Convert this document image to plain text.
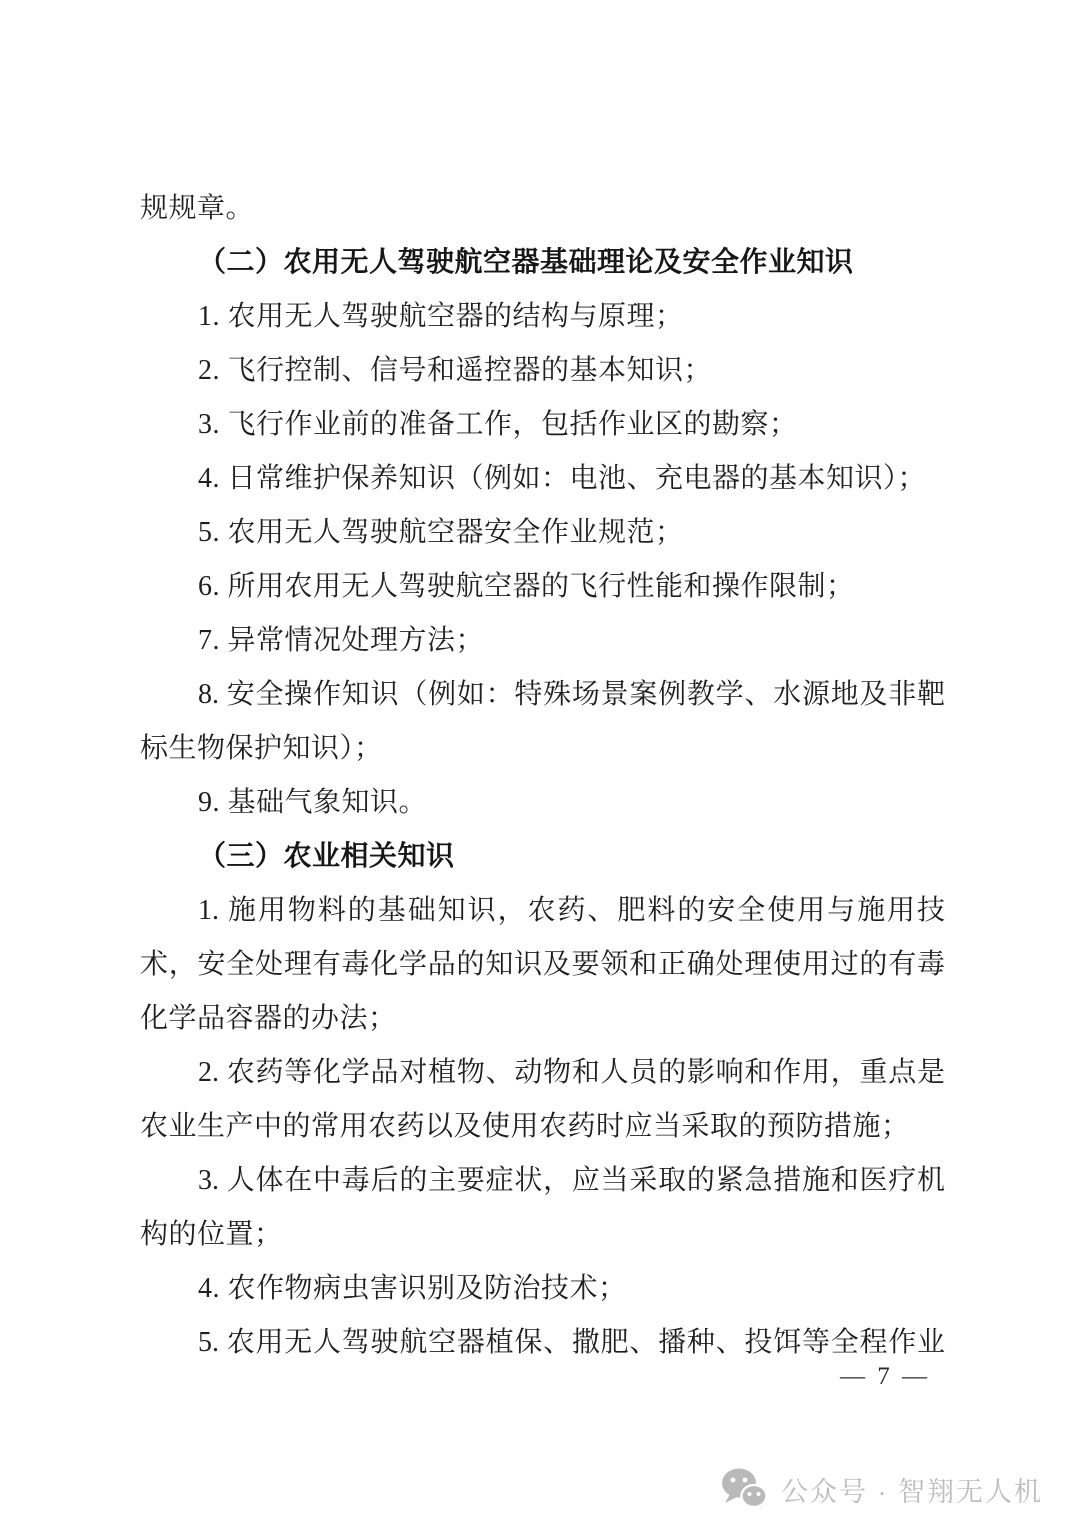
规规章。
（二）农用无人驾驶航空器基础理论及安全作业知识
1. 农用无人驾驶航空器的结构与原理；
2. 飞行控制、信号和遥控器的基本知识；
3. 飞行作业前的准备工作，包括作业区的勘察；
4. 日常维护保养知识（例如：电池、充电器的基本知识）；
5. 农用无人驾驶航空器安全作业规范；
6. 所用农用无人驾驶航空器的飞行性能和操作限制；
7. 异常情况处理方法；
8. 安全操作知识（例如：特殊场景案例教学、水源地及非靶
标生物保护知识）；
9. 基础气象知识。
（三）农业相关知识
1. 施用物料的基础知识，农药、肥料的安全使用与施用技
术，安全处理有毒化学品的知识及要领和正确处理使用过的有毒
化学品容器的办法；
2. 农药等化学品对植物、动物和人员的影响和作用，重点是
农业生产中的常用农药以及使用农药时应当采取的预防措施；
3. 人体在中毒后的主要症状，应当采取的紧急措施和医疗机
构的位置；
4. 农作物病虫害识别及防治技术；
5. 农用无人驾驶航空器植保、撒肥、播种、投饵等全程作业
— 7 —
公众号 · 智翔无人机
